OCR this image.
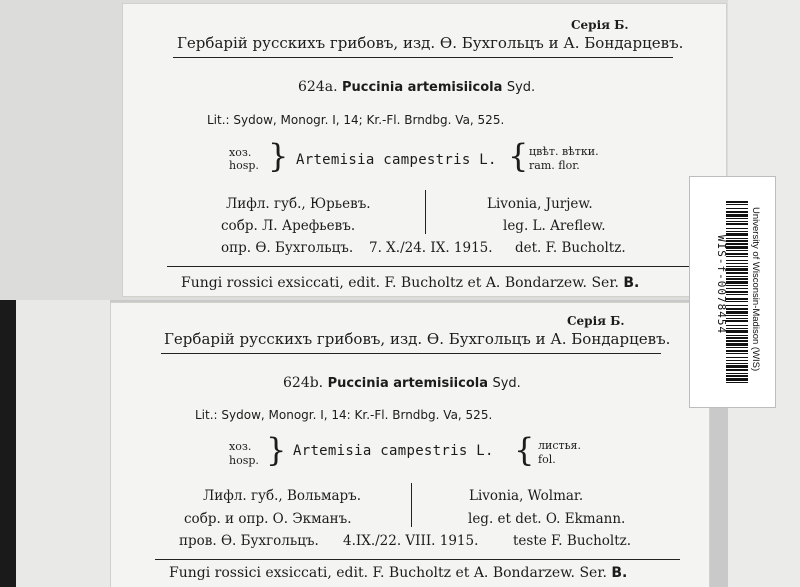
Серія Б.
Гербарій русскихъ грибовъ, изд. Ө. Бухгольцъ и А. Бондарцевъ.
624a. Puccinia artemisiicola Syd.
Lit.: Sydow, Monogr. I, 14; Kr.-Fl. Brndbg. Va, 525.
хоз.
hosp. } Artemisia campestris L. { цвѣт. вѣтки.
ram. flor.
Лифл. губ., Юрьевъ.
собр. Л. Арефьевъ.
опр. Ө. Бухгольцъ. 7. X./24. IX. 1915.
Livonia, Jurjew.
leg. L. Areflew.
det. F. Bucholtz.
Fungi rossici exsiccati, edit. F. Bucholtz et A. Bondarzew. Ser. B.
Серія Б.
Гербарій русскихъ грибовъ, изд. Ө. Бухгольцъ и А. Бондарцевъ.
624b. Puccinia artemisiicola Syd.
Lit.: Sydow, Monogr. I, 14: Kr.-Fl. Brndbg. Va, 525.
хоз.
hosp. } Artemisia campestris L. { листья.
fol.
Лифл. губ., Вольмаръ.
собр. и опр. О. Экманъ.
пров. Ө. Бухгольцъ. 4.IX./22. VIII. 1915.
Livonia, Wolmar.
leg. et det. O. Ekmann.
teste F. Bucholtz.
Fungi rossici exsiccati, edit. F. Bucholtz et A. Bondarzew. Ser. B.
University of Wisconsin-Madison (WIS)
WIS-f-0078454
